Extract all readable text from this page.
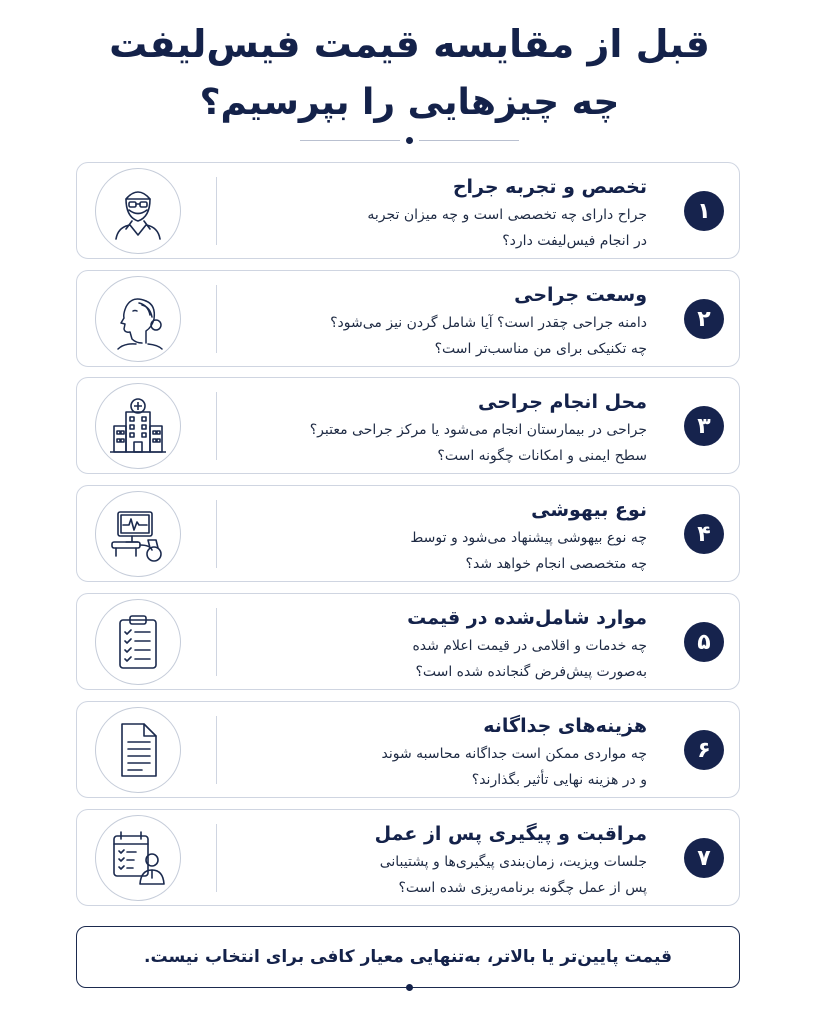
قبل از مقایسه قیمت فیس‌لیفت
چه چیزهایی را بپرسیم؟
۱
تخصص و تجربه جراح
جراح دارای چه تخصصی است و چه میزان تجربه
در انجام فیس‌لیفت دارد؟
۲
وسعت جراحی
دامنه جراحی چقدر است؟ آیا شامل گردن نیز می‌شود؟
چه تکنیکی برای من مناسب‌تر است؟
۳
محل انجام جراحی
جراحی در بیمارستان انجام می‌شود یا مرکز جراحی معتبر؟
سطح ایمنی و امکانات چگونه است؟
۴
نوع بیهوشی
چه نوع بیهوشی پیشنهاد می‌شود و توسط
چه متخصصی انجام خواهد شد؟
۵
موارد شامل‌شده در قیمت
چه خدمات و اقلامی در قیمت اعلام شده
به‌صورت پیش‌فرض گنجانده شده است؟
۶
هزینه‌های جداگانه
چه مواردی ممکن است جداگانه محاسبه شوند
و در هزینه نهایی تأثیر بگذارند؟
۷
مراقبت و پیگیری پس از عمل
جلسات ویزیت، زمان‌بندی پیگیری‌ها و پشتیبانی
پس از عمل چگونه برنامه‌ریزی شده است؟
قیمت پایین‌تر یا بالاتر، به‌تنهایی معیار کافی برای انتخاب نیست.
